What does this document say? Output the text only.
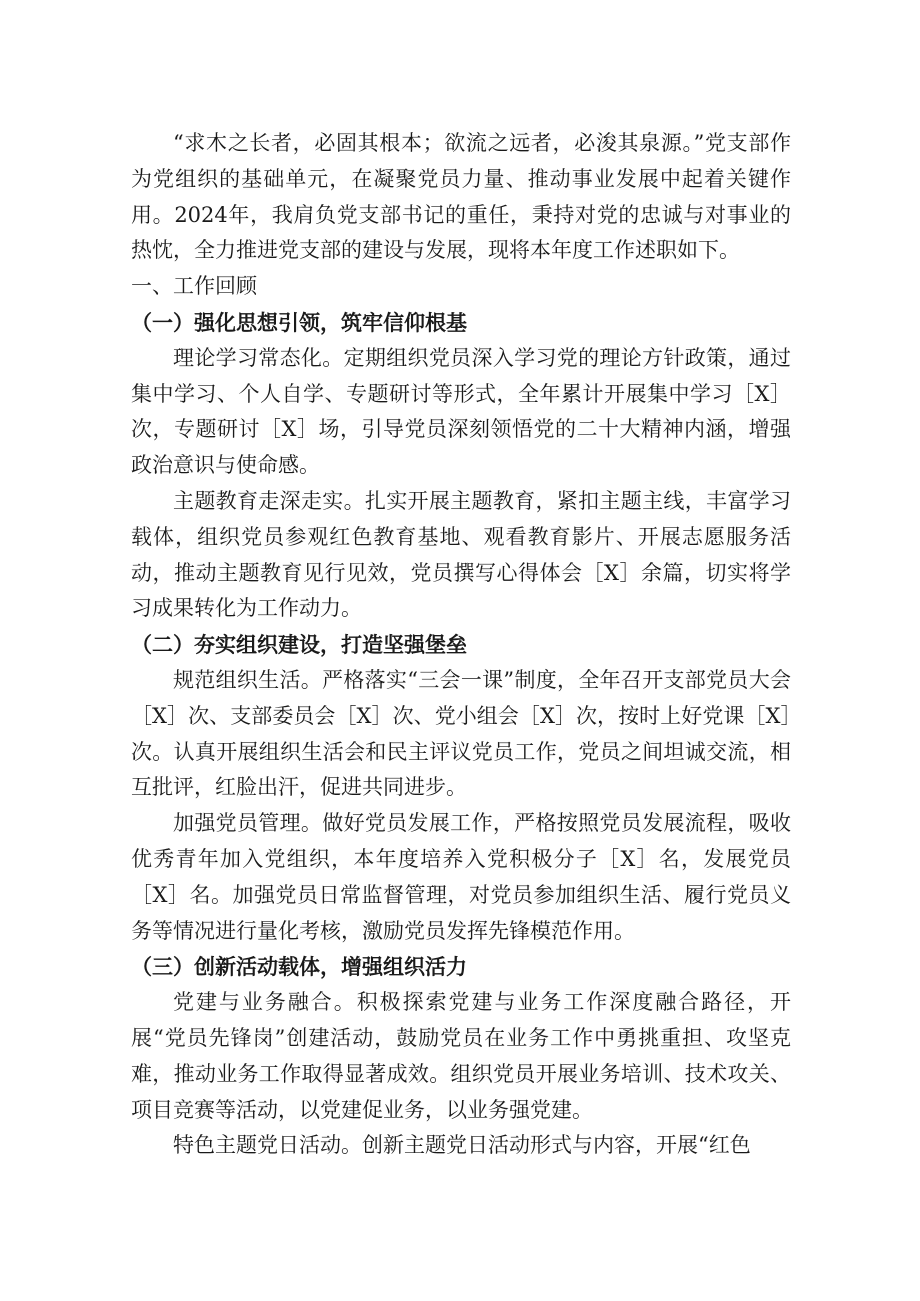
“求木之长者，必固其根本；欲流之远者，必浚其泉源。”党支部作为党组织的基础单元，在凝聚党员力量、推动事业发展中起着关键作用。2024年，我肩负党支部书记的重任，秉持对党的忠诚与对事业的热忱，全力推进党支部的建设与发展，现将本年度工作述职如下。

一、工作回顾

（一）强化思想引领，筑牢信仰根基

理论学习常态化。定期组织党员深入学习党的理论方针政策，通过集中学习、个人自学、专题研讨等形式，全年累计开展集中学习［X］次，专题研讨［X］场，引导党员深刻领悟党的二十大精神内涵，增强政治意识与使命感。

主题教育走深走实。扎实开展主题教育，紧扣主题主线，丰富学习载体，组织党员参观红色教育基地、观看教育影片、开展志愿服务活动，推动主题教育见行见效，党员撰写心得体会［X］余篇，切实将学习成果转化为工作动力。

（二）夯实组织建设，打造坚强堡垒

规范组织生活。严格落实“三会一课”制度，全年召开支部党员大会［X］次、支部委员会［X］次、党小组会［X］次，按时上好党课［X］次。认真开展组织生活会和民主评议党员工作，党员之间坦诚交流，相互批评，红脸出汗，促进共同进步。

加强党员管理。做好党员发展工作，严格按照党员发展流程，吸收优秀青年加入党组织，本年度培养入党积极分子［X］名，发展党员［X］名。加强党员日常监督管理，对党员参加组织生活、履行党员义务等情况进行量化考核，激励党员发挥先锋模范作用。

（三）创新活动载体，增强组织活力

党建与业务融合。积极探索党建与业务工作深度融合路径，开展“党员先锋岗”创建活动，鼓励党员在业务工作中勇挑重担、攻坚克难，推动业务工作取得显著成效。组织党员开展业务培训、技术攻关、项目竞赛等活动，以党建促业务，以业务强党建。

特色主题党日活动。创新主题党日活动形式与内容，开展“红色
